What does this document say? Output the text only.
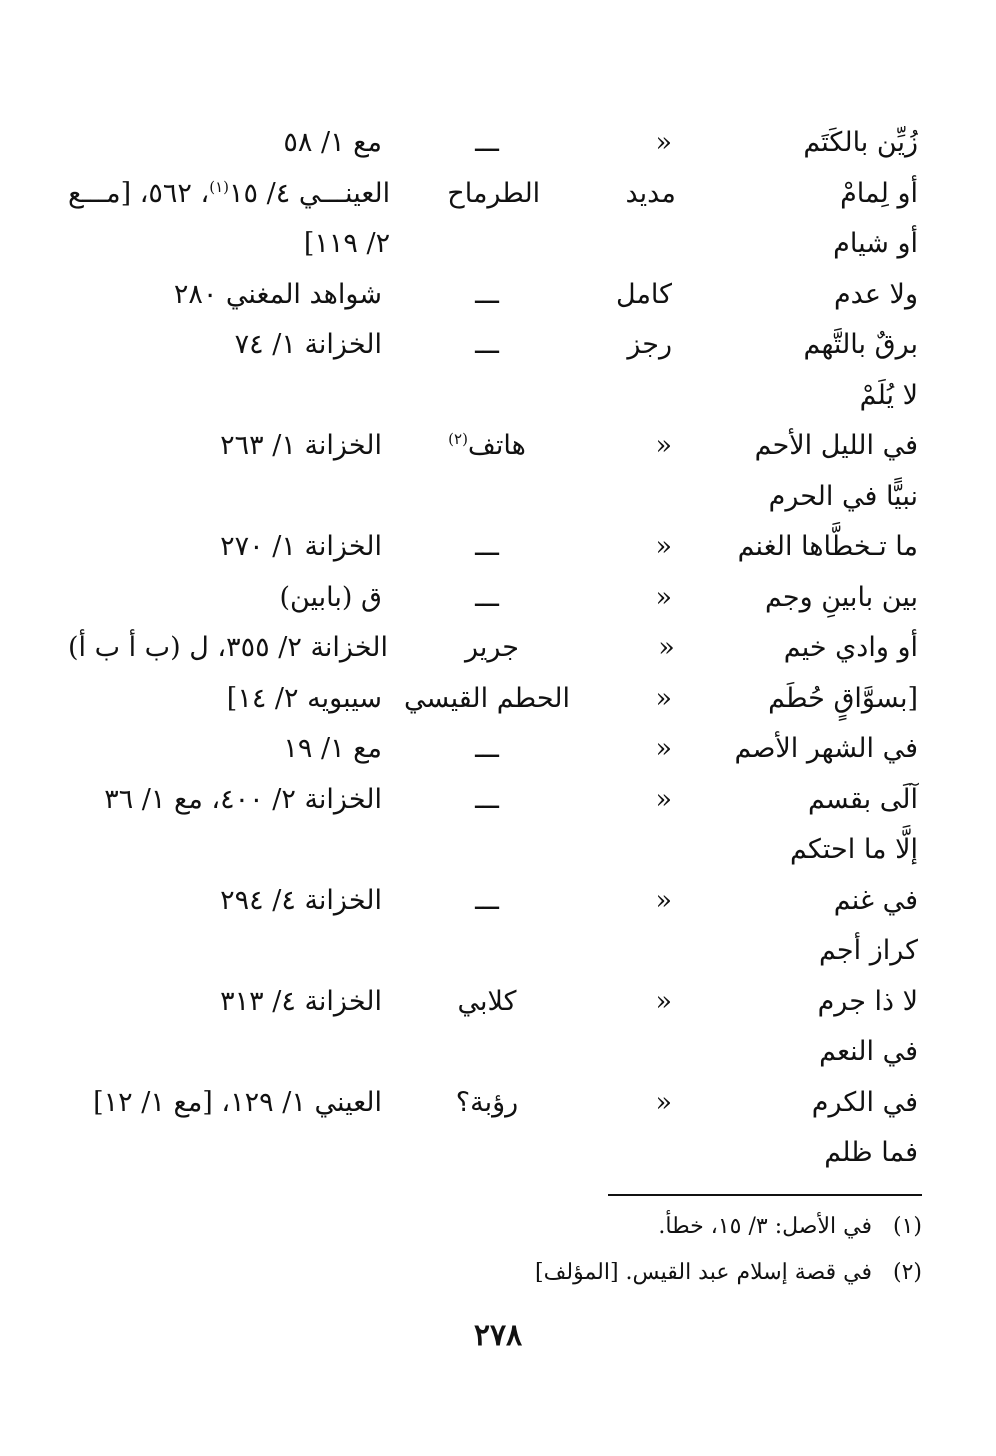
زُيِّن بالكَتَم
«
ـــ
مع ١/ ٥٨
أو لِمامْ
أو شيام
مديد
الطرماح
العينـــي ٤/ ١٥$^{(١)}$، ٥٦٢، [مـــع
٢/ ١١٩]
ولا عدم
كامل
ـــ
شواهد المغني ٢٨٠
برقٌ بالتَّهم
رجز
ـــ
الخزانة ١/ ٧٤
لا يُلَمْ
في الليل الأحم
«
هاتف$^{(٢)}$
الخزانة ١/ ٢٦٣
نبيًّا في الحرم
ما تـخطَّاها الغنم
«
ـــ
الخزانة ١/ ٢٧٠
بين بابينِ وجم
«
ـــ
ق (بابين)
أو وادي خيم
«
جرير
الخزانة ٢/ ٣٥٥، ل (ب أ ب أ)
[بسوَّاقٍ حُطَم
«
الحطم القيسي
سيبويه ٢/ ١٤]
في الشهر الأصم
«
ـــ
مع ١/ ١٩
آلَى بقسم
«
ـــ
الخزانة ٢/ ٤٠٠، مع ١/ ٣٦
إلَّا ما احتكم
في غنم
«
ـــ
الخزانة ٤/ ٢٩٤
كراز أجم
لا ذا جرم
«
كلابي
الخزانة ٤/ ٣١٣
في النعم
في الكرم
«
رؤبة؟
العيني ١/ ١٢٩، [مع ١/ ١٢]
فما ظلم
(١)
في الأصل: ٣/ ١٥، خطأ.
(٢)
في قصة إسلام عبد القيس. [المؤلف]
٢٧٨
